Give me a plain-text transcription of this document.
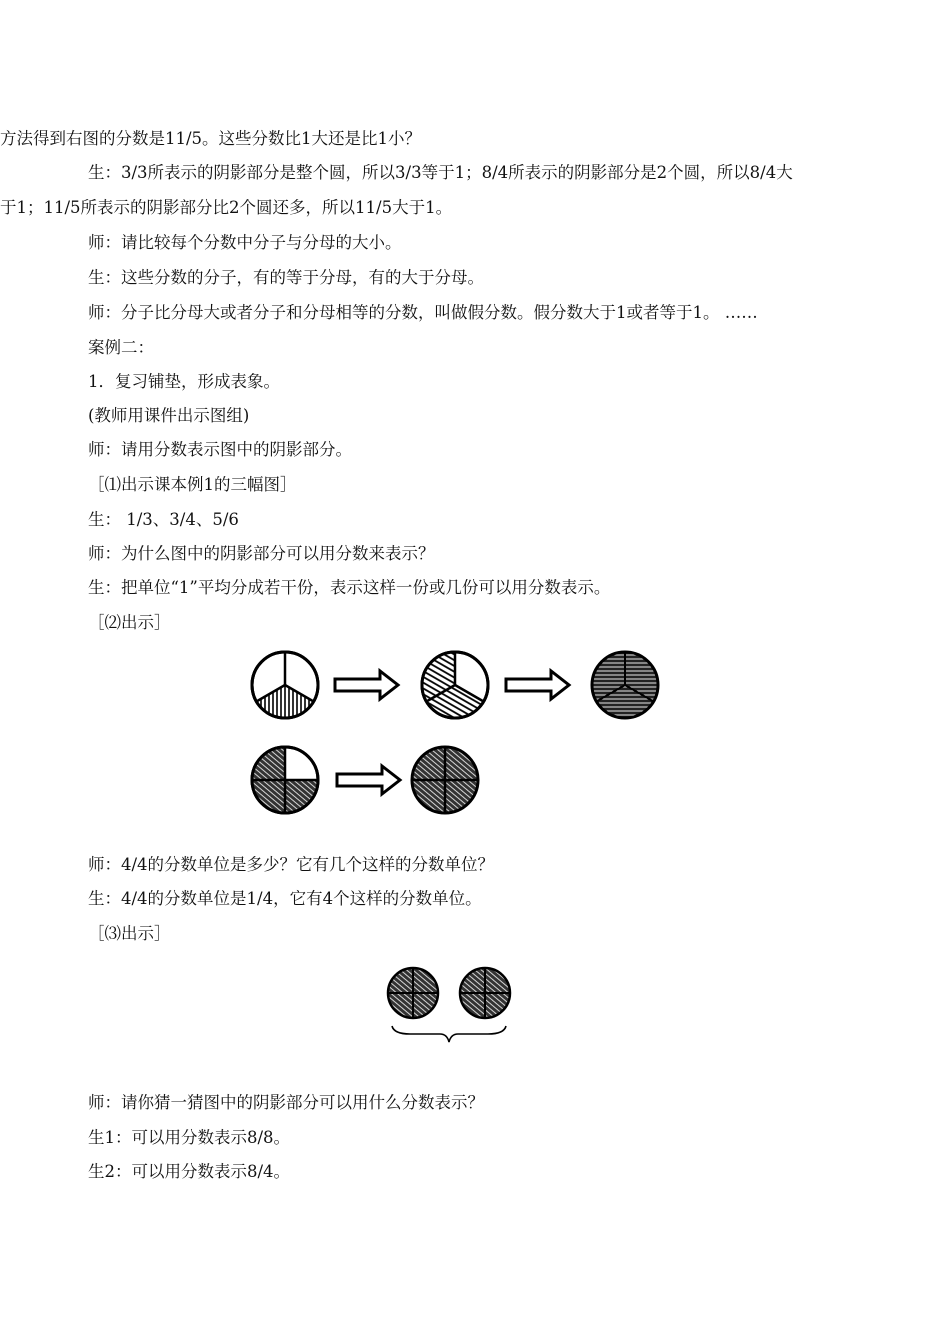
方法得到右图的分数是11/5。这些分数比1大还是比1小？
生：3/3所表示的阴影部分是整个圆，所以3/3等于1；8/4所表示的阴影部分是2个圆，所以8/4大
于1；11/5所表示的阴影部分比2个圆还多，所以11/5大于1。
师：请比较每个分数中分子与分母的大小。
生：这些分数的分子，有的等于分母，有的大于分母。
师：分子比分母大或者分子和分母相等的分数，叫做假分数。假分数大于1或者等于1。 ……
案例二：
1．复习铺垫，形成表象。
(教师用课件出示图组)
师：请用分数表示图中的阴影部分。
［⑴出示课本例1的三幅图］
生： 1/3、3/4、5/6
师：为什么图中的阴影部分可以用分数来表示？
生：把单位“1”平均分成若干份，表示这样一份或几份可以用分数表示。
［⑵出示］
师：4/4的分数单位是多少？它有几个这样的分数单位？
生：4/4的分数单位是1/4，它有4个这样的分数单位。
［⑶出示］
师：请你猜一猜图中的阴影部分可以用什么分数表示？
生1：可以用分数表示8/8。
生2：可以用分数表示8/4。
